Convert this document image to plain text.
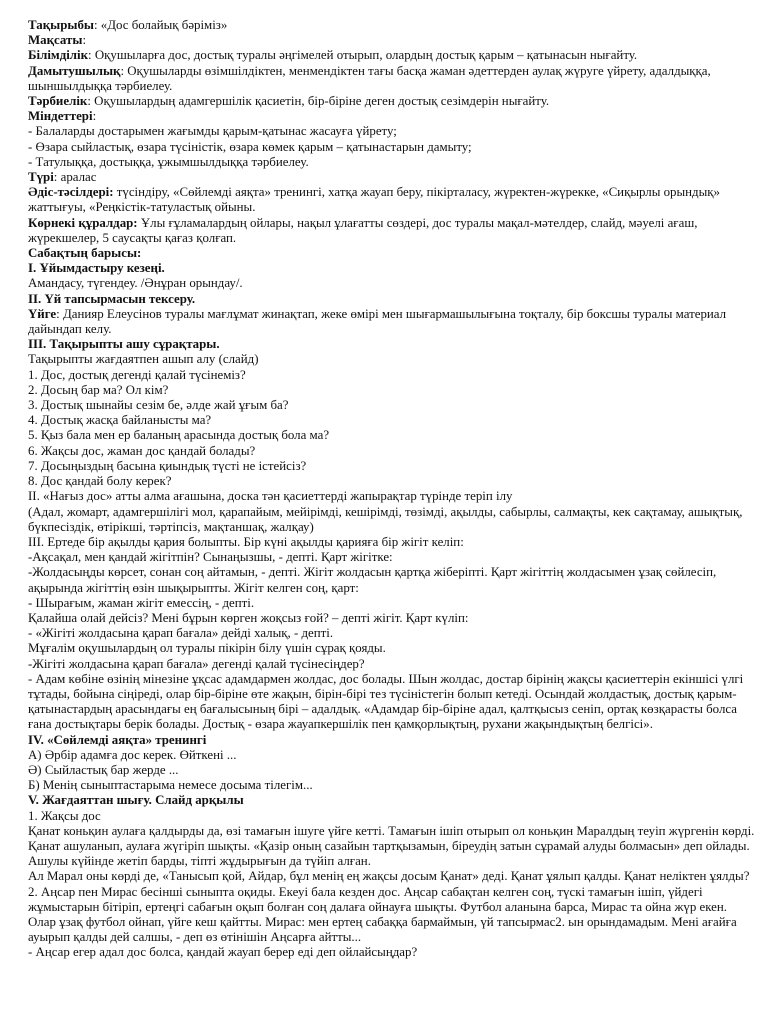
Тақырыбы: «Дос болайық бәріміз»

Мақсаты:

Білімділік: Оқушыларға дос, достық туралы әңгімелей отырып, олардың достық қарым – қатынасын нығайту.

Дамытушылық: Оқушыларды өзімшілдіктен, менмендіктен тағы басқа жаман әдеттерден аулақ жүруге үйрету, адалдыққа, шыншылдыққа тәрбиелеу.

Тәрбиелік: Оқушылардың адамгершілік қасиетін, бір-біріне деген достық сезімдерін нығайту.

Міндеттері:

- Балаларды достарымен жағымды қарым-қатынас жасауға үйрету;

- Өзара сыйластық, өзара түсіністік, өзара көмек қарым – қатынастарын дамыту;

- Татулыққа, достыққа, ұжымшылдыққа тәрбиелеу.

Түрі: аралас

Әдіс-тәсілдері: түсіндіру, «Сөйлемді аяқта» тренингі, хатқа жауап беру, пікірталасу, жүректен-жүрекке, «Сиқырлы орындық» жаттығуы, «Реңкістік-татуластық ойыны.

Көрнекі құралдар: Ұлы ғұламалардың ойлары, нақыл ұлағатты сөздері, дос туралы мақал-мәтелдер, слайд, мәуелі ағаш, жүрекшелер, 5 саусақты қағаз қолғап.

Сабақтың барысы:

І. Ұйымдастыру кезеңі.

Амандасу, түгендеу. /Әнұран орындау/.

ІІ. Үй тапсырмасын тексеру.

Үйге: Данияр Елеусінов туралы мағлұмат жинақтап, жеке өмірі мен шығармашылығына тоқталу, бір боксшы туралы материал дайындап келу.

ІІІ. Тақырыпты ашу сұрақтары.

Тақырыпты жағдаятпен ашып алу (слайд)

1. Дос, достық дегенді қалай түсінеміз?

2. Досың бар ма? Ол кім?

3. Достық шынайы сезім бе, әлде жай ұғым ба?

4. Достық жасқа байланысты ма?

5. Қыз бала мен ер баланың арасында достық бола ма?

6. Жақсы дос, жаман дос қандай болады?

7. Досыңыздың басына қиындық түсті не істейсіз?

8. Дос қандай болу керек?

ІІ. «Нағыз дос» атты алма ағашына, доскa тән қасиеттерді жапырақтар түрінде теріп ілу

(Адал, жомарт, адамгершілігі мол, қарапайым, мейірімді, кешірімді, төзімді, ақылды, сабырлы, салмақты, кек сақтамау, ашықтық, бүкпесіздік, өтірікші, тәртіпсіз, мақтаншақ, жалқау)

ІІІ. Ертеде бір ақылды қария болыпты. Бір күні ақылды қарияға бір жігіт келіп:

-Ақсақал, мен қандай жігітпін? Сынаңызшы, - депті. Қарт жігітке:

-Жолдасыңды көрсет, сонан соң айтамын, - депті. Жігіт жолдасын қартқа жіберіпті. Қарт жігіттің жолдасымен ұзақ сөйлесіп, ақырында жігіттің өзін шықырыпты. Жігіт келген соң, қарт:

- Шырағым, жаман жігіт емессің, - депті.

Қалайша олай дейсіз? Мені бұрын көрген жоқсыз ғой? – депті жігіт. Қарт күліп:

- «Жігіті жолдасына қарап бағала» дейді халық, - депті.

Мұғалім оқушылардың ол туралы пікірін білу үшін сұрақ қояды.

-Жігіті жолдасына қарап бағала» дегенді қалай түсінесіңдер?

- Адам көбіне өзінің мінезіне ұқсас адамдармен жолдас, дос болады. Шын жолдас, достар бірінің жақсы қасиеттерін екіншісі үлгі тұтады, бойына сіңіреді, олар бір-біріне өте жақын, бірін-бірі тез түсіністегін болып кетеді. Осындай жолдастық, достық қарым-қатынастардың арасындағы ең бағалысының бірі – адалдық. «Адамдар бір-біріне адал, қалтқысыз сеніп, ортақ көзқарасты болса ғана достықтары берік болады. Достық - өзара жауапкершілік пен қамқорлықтың, рухани жақындықтың белгісі».

IV. «Сөйлемді аяқта» тренингі

А) Әрбір адамға дос керек. Өйткені ...

Ә) Сыйластық бар жерде ...

Б) Менің сыныптастарыма немесе досыма тілегім...

V. Жағдаяттан шығу. Слайд арқылы

1. Жақсы дос

Қанат коньқин аулаға қалдырды да, өзі тамағын ішуге үйге кетті. Тамағын ішіп отырып ол коньқин Маралдың теуіп жүргенін көрді. Қанат ашуланып, аулаға жүгіріп шықты. «Қазір оның сазайын тартқызамын, біреудің затын сұрамай алуды болмасын» деп ойлады.

Ашулы күйінде жетіп барды, тіпті жұдырығын да түйіп алған.

Ал Марал оны көрді де, «Танысып қой, Айдар, бұл менің ең жақсы досым Қанат» деді. Қанат ұялып қалды. Қанат неліктен ұялды?

2. Аңсар пен Мирас бесінші сыныпта оқиды. Екеуі бала кезден дос. Аңсар сабақтан келген соң, түскі тамағын ішіп, үйдегі жұмыстарын бітіріп, ертеңгі сабағын оқып болған соң далаға ойнауға шықты. Футбол аланына барса, Мирас та ойна жүр екен. Олар ұзақ футбол ойнап, үйге кеш қайтты. Мирас: мен ертең сабаққа бармаймын, үй тапсырмас2. ын орындамадым. Мені ағайға ауырып қалды дей салшы, - деп өз өтінішін Аңсарға айтты...

- Аңсар егер адал дос болса, қандай жауап берер еді деп ойлайсыңдар?
